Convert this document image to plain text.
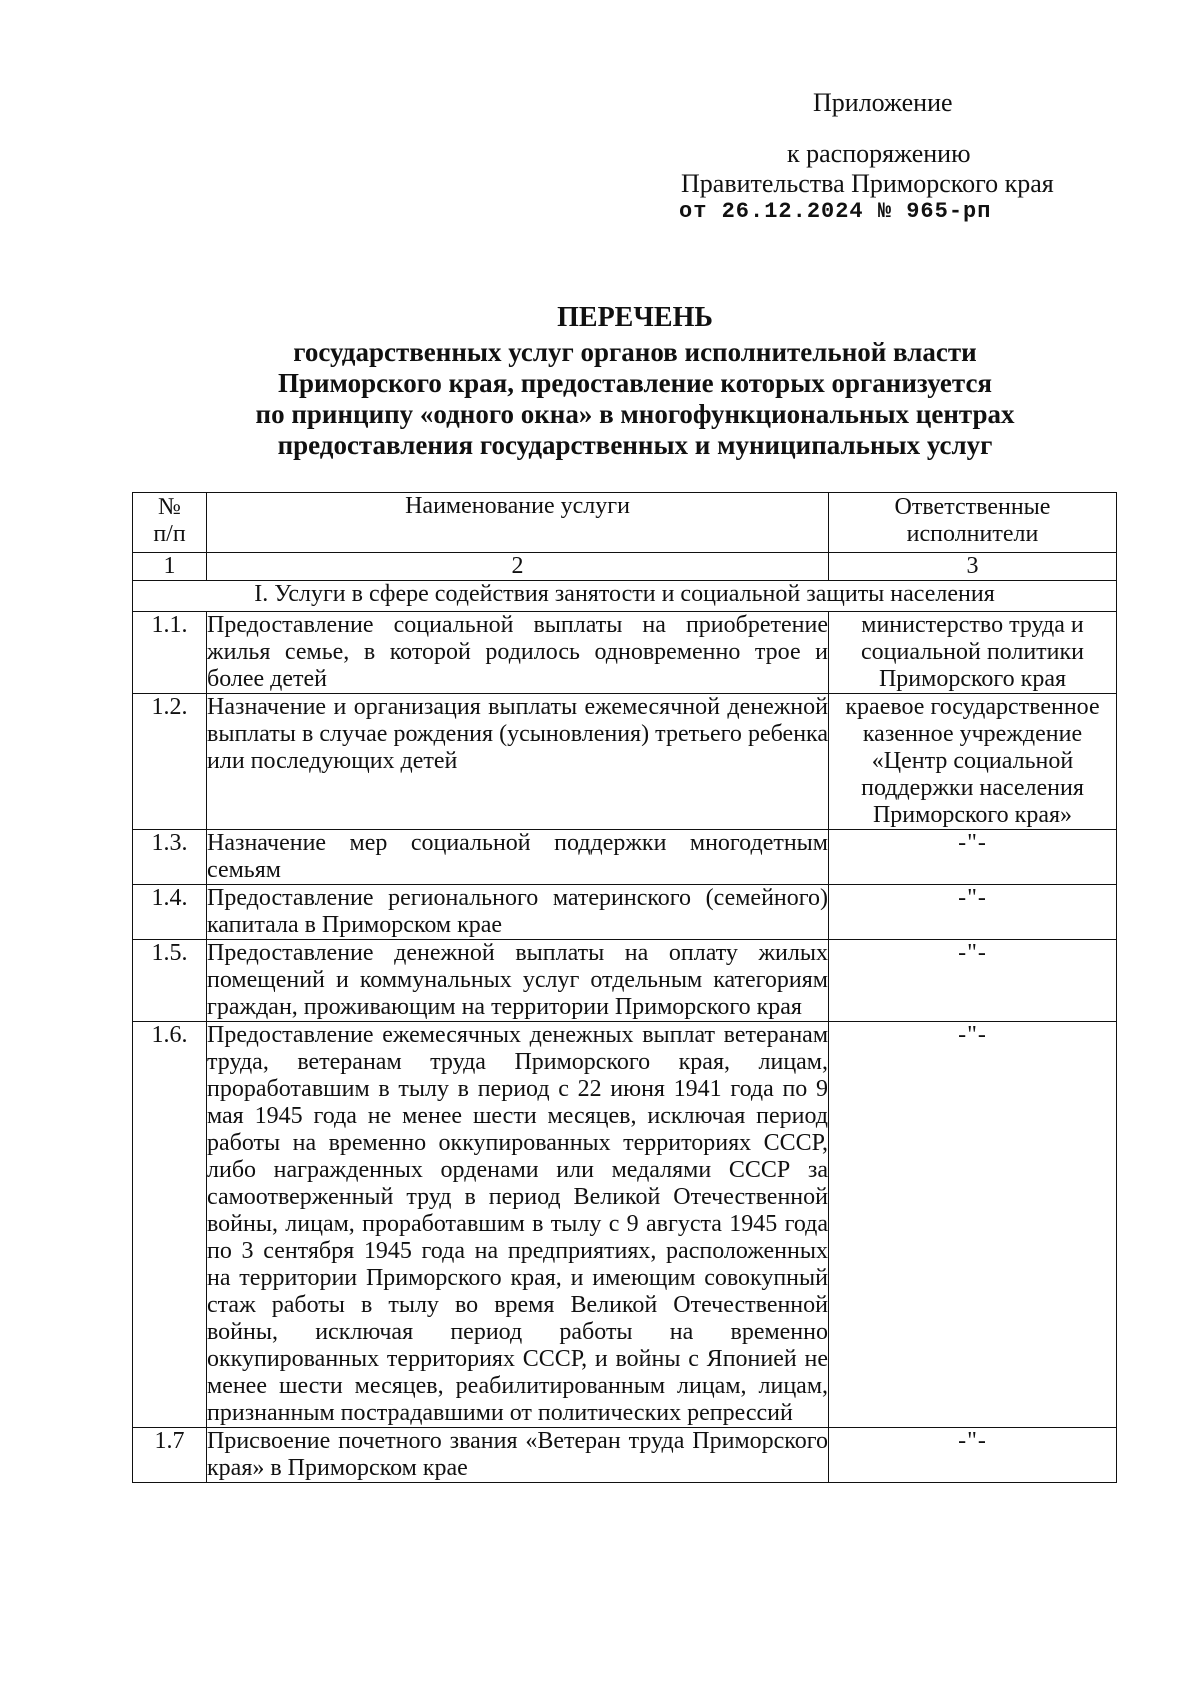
Приложение
к распоряжению
Правительства Приморского края
от 26.12.2024 № 965-рп
ПЕРЕЧЕНЬ
государственных услуг органов исполнительной власти
Приморского края, предоставление которых организуется
по принципу «одного окна» в многофункциональных центрах
предоставления государственных и муниципальных услуг
№ п/п	Наименование услуги	Ответственные исполнители
1	2	3
I. Услуги в сфере содействия занятости и социальной защиты населения		
1.1.	Предоставление социальной выплаты на приобретение жилья семье, в которой родилось одновременно трое и более детей	министерство труда и социальной политики Приморского края
1.2.	Назначение и организация выплаты ежемесячной денежной выплаты в случае рождения (усыновления) третьего ребенка или последующих детей	краевое государственное казенное учреждение «Центр социальной поддержки населения Приморского края»
1.3.	Назначение мер социальной поддержки многодетным семьям	-"-
1.4.	Предоставление регионального материнского (семейного) капитала в Приморском крае	-"-
1.5.	Предоставление денежной выплаты на оплату жилых помещений и коммунальных услуг отдельным категориям граждан, проживающим на территории Приморского края	-"-
1.6.	Предоставление ежемесячных денежных выплат ветеранам труда, ветеранам труда Приморского края, лицам, проработавшим в тылу в период с 22 июня 1941 года по 9 мая 1945 года не менее шести месяцев, исключая период работы на временно оккупированных территориях СССР, либо награжденных орденами или медалями СССР за самоотверженный труд в период Великой Отечественной войны, лицам, проработавшим в тылу с 9 августа 1945 года по 3 сентября 1945 года на предприятиях, расположенных на территории Приморского края, и имеющим совокупный стаж работы в тылу во время Великой Отечественной войны, исключая период работы на временно оккупированных территориях СССР, и войны с Японией не менее шести месяцев, реабилитированным лицам, лицам, признанным пострадавшими от политических репрессий	-"-
1.7	Присвоение почетного звания «Ветеран труда Приморского края» в Приморском крае	-"-
